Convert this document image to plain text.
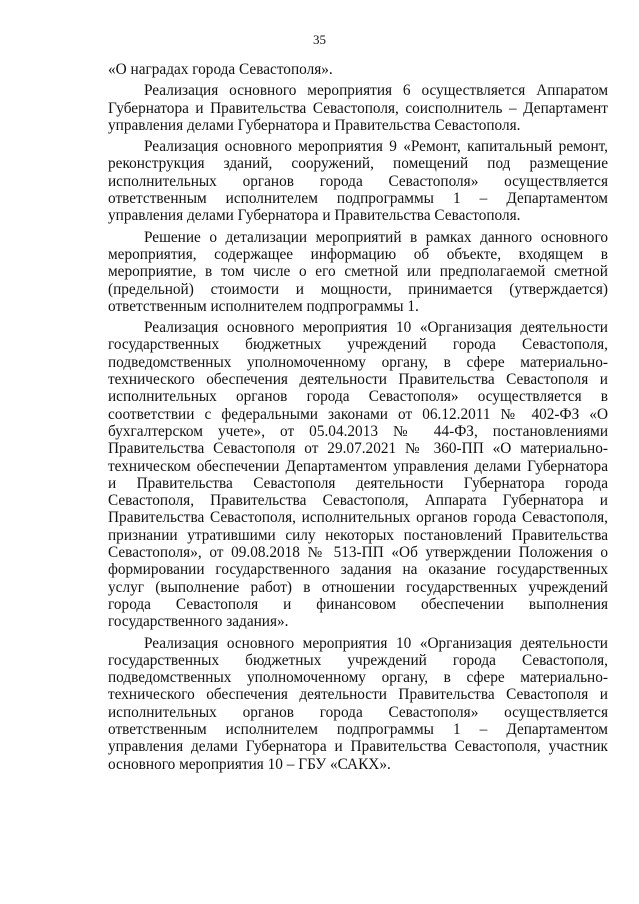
35

«О наградах города Севастополя».

Реализация основного мероприятия 6 осуществляется Аппаратом Губернатора и Правительства Севастополя, соисполнитель – Департамент управления делами Губернатора и Правительства Севастополя.

Реализация основного мероприятия 9 «Ремонт, капитальный ремонт, реконструкция зданий, сооружений, помещений под размещение исполнительных органов города Севастополя» осуществляется ответственным исполнителем подпрограммы 1 – Департаментом управления делами Губернатора и Правительства Севастополя.

Решение о детализации мероприятий в рамках данного основного мероприятия, содержащее информацию об объекте, входящем в мероприятие, в том числе о его сметной или предполагаемой сметной (предельной) стоимости и мощности, принимается (утверждается) ответственным исполнителем подпрограммы 1.

Реализация основного мероприятия 10 «Организация деятельности государственных бюджетных учреждений города Севастополя, подведомственных уполномоченному органу, в сфере материально-технического обеспечения деятельности Правительства Севастополя и исполнительных органов города Севастополя» осуществляется в соответствии с федеральными законами от 06.12.2011 № 402-ФЗ «О бухгалтерском учете», от 05.04.2013 № 44-ФЗ, постановлениями Правительства Севастополя от 29.07.2021 № 360-ПП «О материально-техническом обеспечении Департаментом управления делами Губернатора и Правительства Севастополя деятельности Губернатора города Севастополя, Правительства Севастополя, Аппарата Губернатора и Правительства Севастополя, исполнительных органов города Севастополя, признании утратившими силу некоторых постановлений Правительства Севастополя», от 09.08.2018 № 513-ПП «Об утверждении Положения о формировании государственного задания на оказание государственных услуг (выполнение работ) в отношении государственных учреждений города Севастополя и финансовом обеспечении выполнения государственного задания».

Реализация основного мероприятия 10 «Организация деятельности государственных бюджетных учреждений города Севастополя, подведомственных уполномоченному органу, в сфере материально-технического обеспечения деятельности Правительства Севастополя и исполнительных органов города Севастополя» осуществляется ответственным исполнителем подпрограммы 1 – Департаментом управления делами Губернатора и Правительства Севастополя, участник основного мероприятия 10 – ГБУ «САКХ».
